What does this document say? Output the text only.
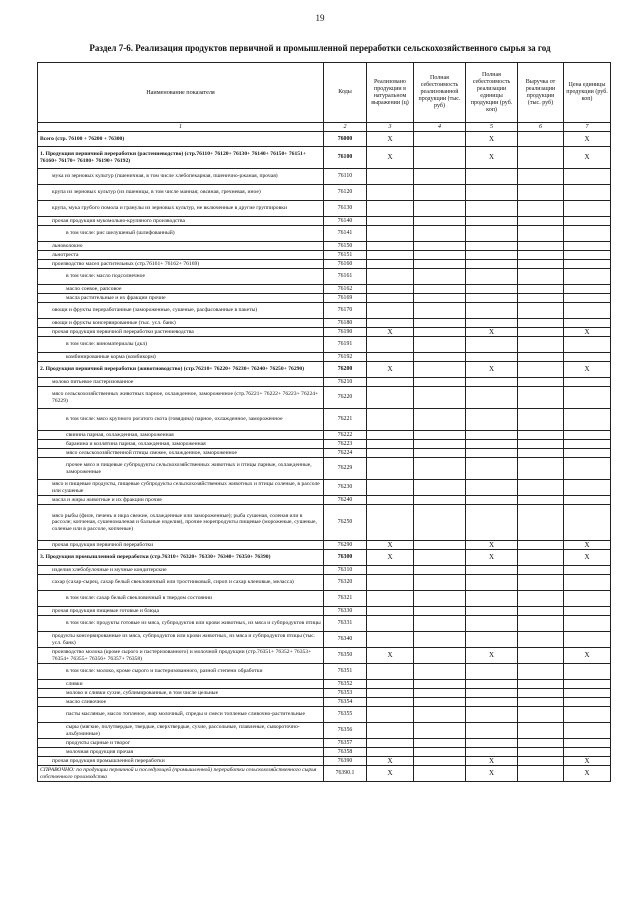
19
Раздел 7-6. Реализация продуктов первичной и промышленной переработки сельскохозяйственного сырья за год
Наименование показателя	Коды	Реализовано продукции в натуральном выражении (ц)	Полная себестоимость реализованной продукции (тыс. руб)	Полная себестоимость реализации единицы продукции (руб. коп)	Выручка от реализации продукции (тыс. руб)	Цена единицы продукции (руб. коп)
1	2	3	4	5	6	7
Всего (стр. 76100 + 76200 + 76300)	76000	X		X		X
1. Продукция первичной переработки (растениеводство) (стр.76110+ 76120+ 76130+ 76140+ 76150+ 76151+ 76160+ 76170+ 76180+ 76190+ 76192)	76100	X		X		X
мука из зерновых культур (пшеничная, в том числе хлебопекарная, пшенично-ржаная, прочая)	76110					
крупа из зерновых культур (из пшеницы, в том числе манная; овсяная, гречневая, иное)	76120					
крупа, мука грубого помола и гранулы из зерновых культур, не включенные в другие группировки	76130					
прочая продукция мукомольно-крупяного производства	76140					
в том числе: рис шелушеный (шлифованный)	76141					
льноволокно	76150					
льнотреста	76151					
производство масел растительных (стр.76161+ 76162+ 76169)	76160					
в том числе: масло подсолнечное	76161					
масло соевое, рапсовое	76162					
масла растительные и их фракции прочие	76169					
овощи и фрукты переработанные (замороженные, сушеные, расфасованные в пакеты)	76170					
овощи и фрукты консервированные (тыс. усл. банк)	76180					
прочая продукция первичной переработки растениеводства	76190	X		X		X
в том числе: виноматериалы (дкл)	76191					
комбинированные корма (комбикорм)	76192					
2. Продукция первичной переработки (животноводство) (стр.76210+ 76220+ 76230+ 76240+ 76250+ 76290)	76200	X		X		X
молоко питьевое пастеризованное	76210					
мясо сельскохозяйственных животных парное, охлажденное, замороженное (стр.76221+ 76222+ 76223+ 76224+ 76229)	76220					
в том числе: мясо крупного рогатого скота (говядина) парное, охлажденное, замороженное	76221					
свинина парная, охлажденная, замороженная	76222					
баранина и козлятина парная, охлажденная, замороженная	76223					
мясо сельскохозяйственной птицы свежее, охлажденное, замороженное	76224					
прочее мясо и пищевые субпродукты сельскохозяйственных животных и птицы парные, охлажденные, замороженные	76229					
мясо и пищевые продукты, пищевые субпродукты сельскохозяйственных животных и птицы соленые, в рассоле или сушеные	76230					
масла и жиры животные и их фракции прочие	76240					
мясо рыбы (филе, печень и икра свежие, охлажденные или замороженные); рыба сушеная, соленая или в рассоле; копченая, сушеномаленая и бальные изделия), прочие морепродукты пищевые (мороженые, сушеные, соленые или в рассоле, копченые)	76250					
прочая продукция первичной переработки	76290	X		X		X
3. Продукция промышленной переработки (стр.76310+ 76320+ 76330+ 76340+ 76350+ 76390)	76300	X		X		X
изделия хлебобулочные и мучные кондитерские	76310					
сахар (сахар-сырец, сахар белый свекловичный или тростниковый, сироп и сахар кленовые, меласса)	76320					
в том числе: сахар белый свекловичный в твердом состоянии	76321					
прочая продукция пищевые готовые и блюда	76330					
в том числе: продукты готовые из мяса, субпродуктов или крови животных, из мяса и субпродуктов птицы	76331					
продукты консервированные из мяса, субпродуктов или крови животных, из мяса и субпродуктов птицы (тыс. усл. банк)	76340					
производство молока (кроме сырого и пастеризованного) и молочной продукции (стр.76351+ 76352+ 76353+ 76354+ 76355+ 76356+ 76357+ 76358)	76350	X		X		X
в том числе: молоко, кроме сырого и пастеризованного, разной степени обработки	76351					
сливки	76352					
молоко и сливки сухие, сублимированные, в том числе цельные	76353					
масло сливочное	76354					
пасты масляные, масло топленое, жир молочный, спреды и смеси топленые сливочно-растительные	76355					
сыры (мягкие, полутвердые, твердые, сверхтвердые, сухие, рассольные, плавленые, сывороточно-альбуминные)	76356					
продукты сырные и творог	76357					
молочная продукция прочая	76358					
прочая продукция промышленной переработки	76390	X		X		X
СПРАВОЧНО: по продукции первичной и последующей (промышленной) переработки сельскохозяйственного сырья собственного производства	76390.1	X		X		X
